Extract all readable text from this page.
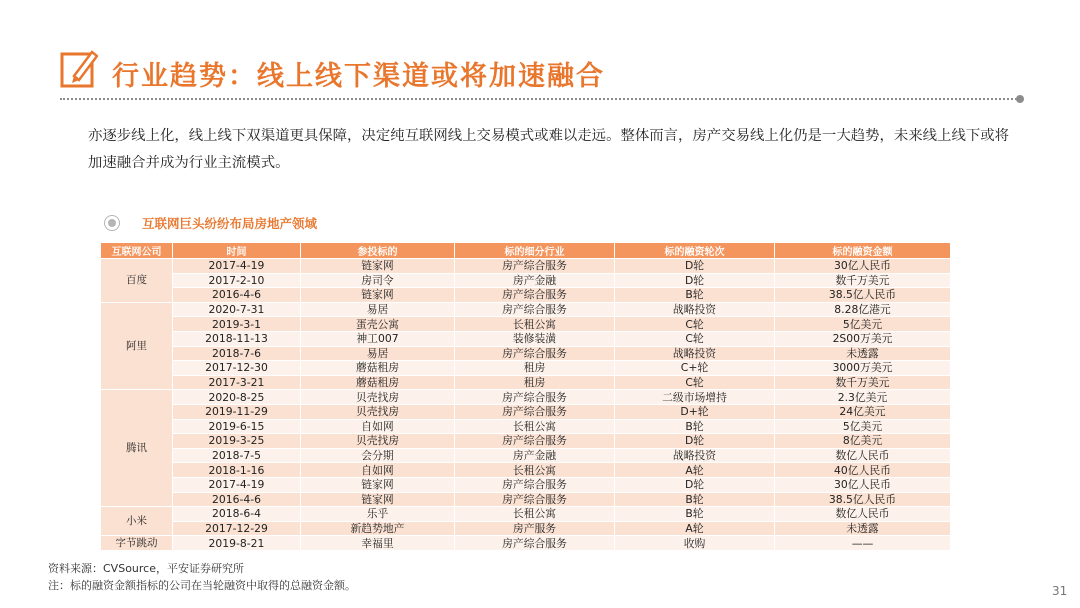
行业趋势：线上线下渠道或将加速融合
亦逐步线上化，线上线下双渠道更具保障，决定纯互联网线上交易模式或难以走远。整体而言，房产交易线上化仍是一大趋势，未来线上线下或将加速融合并成为行业主流模式。
互联网巨头纷纷布局房地产领域
互联网公司	时间	参投标的	标的细分行业	标的融资轮次	标的融资金额
百度	2017-4-19	链家网	房产综合服务	D轮	30亿人民币
	2017-2-10	房司令	房产金融	D轮	数千万美元
	2016-4-6	链家网	房产综合服务	B轮	38.5亿人民币
阿里	2020-7-31	易居	房产综合服务	战略投资	8.28亿港元
	2019-3-1	蛋壳公寓	长租公寓	C轮	5亿美元
	2018-11-13	神工007	装修装潢	C轮	2S00万美元
	2018-7-6	易居	房产综合服务	战略投资	未透露
	2017-12-30	蘑菇租房	租房	C+轮	3000万美元
	2017-3-21	蘑菇租房	租房	C轮	数千万美元
腾讯	2020-8-25	贝壳找房	房产综合服务	二级市场增持	2.3亿美元
	2019-11-29	贝壳找房	房产综合服务	D+轮	24亿美元
	2019-6-15	自如网	长租公寓	B轮	5亿美元
	2019-3-25	贝壳找房	房产综合服务	D轮	8亿美元
	2018-7-5	会分期	房产金融	战略投资	数亿人民币
	2018-1-16	自如网	长租公寓	A轮	40亿人民币
	2017-4-19	链家网	房产综合服务	D轮	30亿人民币
	2016-4-6	链家网	房产综合服务	B轮	38.5亿人民币
小米	2018-6-4	乐乎	长租公寓	B轮	数亿人民币
	2017-12-29	新趋势地产	房产服务	A轮	未透露
字节跳动	2019-8-21	幸福里	房产综合服务	收购	——
资料来源：CVSource，平安证券研究所
注：标的融资金额指标的公司在当轮融资中取得的总融资金额。	31
